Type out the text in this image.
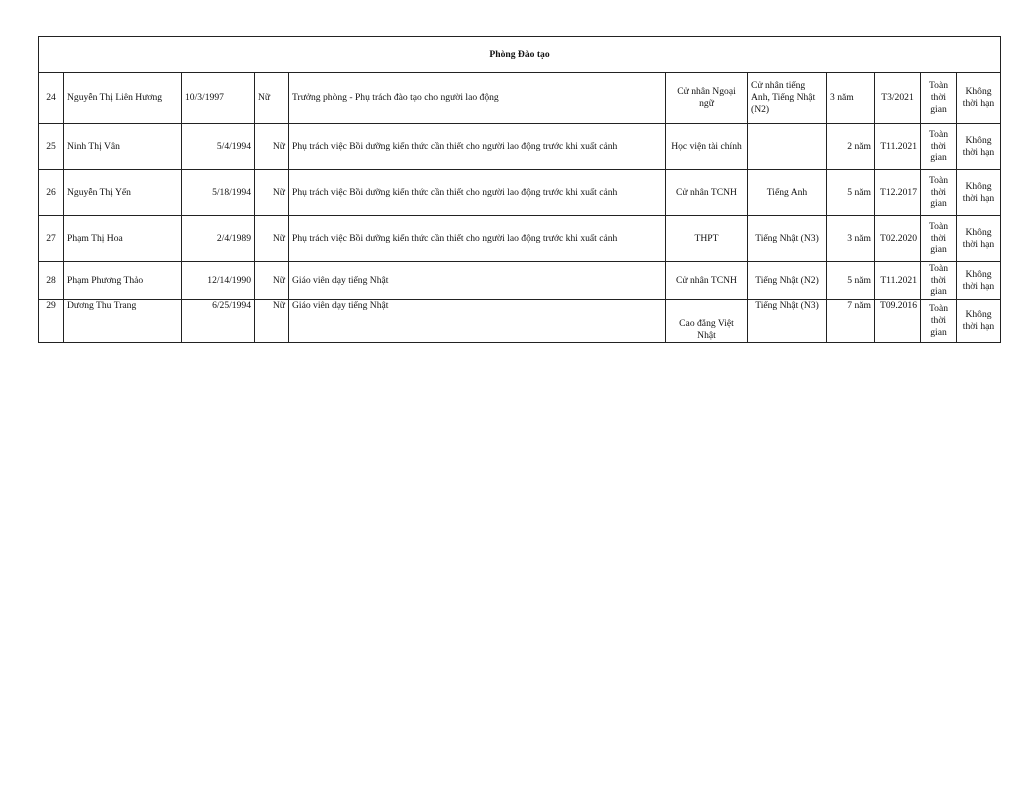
Phòng Đào tạo										
24	Nguyễn Thị Liên Hương	10/3/1997	Nữ	Trưởng phòng - Phụ trách đào tạo cho người lao động	Cử nhân Ngoại ngữ	Cử nhân tiếng Anh, Tiếng Nhật (N2)	3 năm	T3/2021	Toàn thời gian	Không thời hạn
25	Ninh Thị Vân	5/4/1994	Nữ	Phụ trách việc Bồi dưỡng kiến thức cần thiết cho người lao động trước khi xuất cảnh	Học viện tài chính		2 năm	T11.2021	Toàn thời gian	Không thời hạn
26	Nguyễn Thị Yến	5/18/1994	Nữ	Phụ trách việc Bồi dưỡng kiến thức cần thiết cho người lao động trước khi xuất cảnh	Cử nhân TCNH	Tiếng Anh	5 năm	T12.2017	Toàn thời gian	Không thời hạn
27	Phạm Thị Hoa	2/4/1989	Nữ	Phụ trách việc Bồi dưỡng kiến thức cần thiết cho người lao động trước khi xuất cảnh	THPT	Tiếng Nhật (N3)	3 năm	T02.2020	Toàn thời gian	Không thời hạn
28	Phạm Phương Thảo	12/14/1990	Nữ	Giáo viên dạy tiếng Nhật	Cử nhân TCNH	Tiếng Nhật (N2)	5 năm	T11.2021	Toàn thời gian	Không thời hạn
29	Dương Thu Trang	6/25/1994	Nữ	Giáo viên dạy tiếng Nhật	Cao đẳng Việt Nhật	Tiếng Nhật (N3)	7 năm	T09.2016	Toàn thời gian	Không thời hạn
